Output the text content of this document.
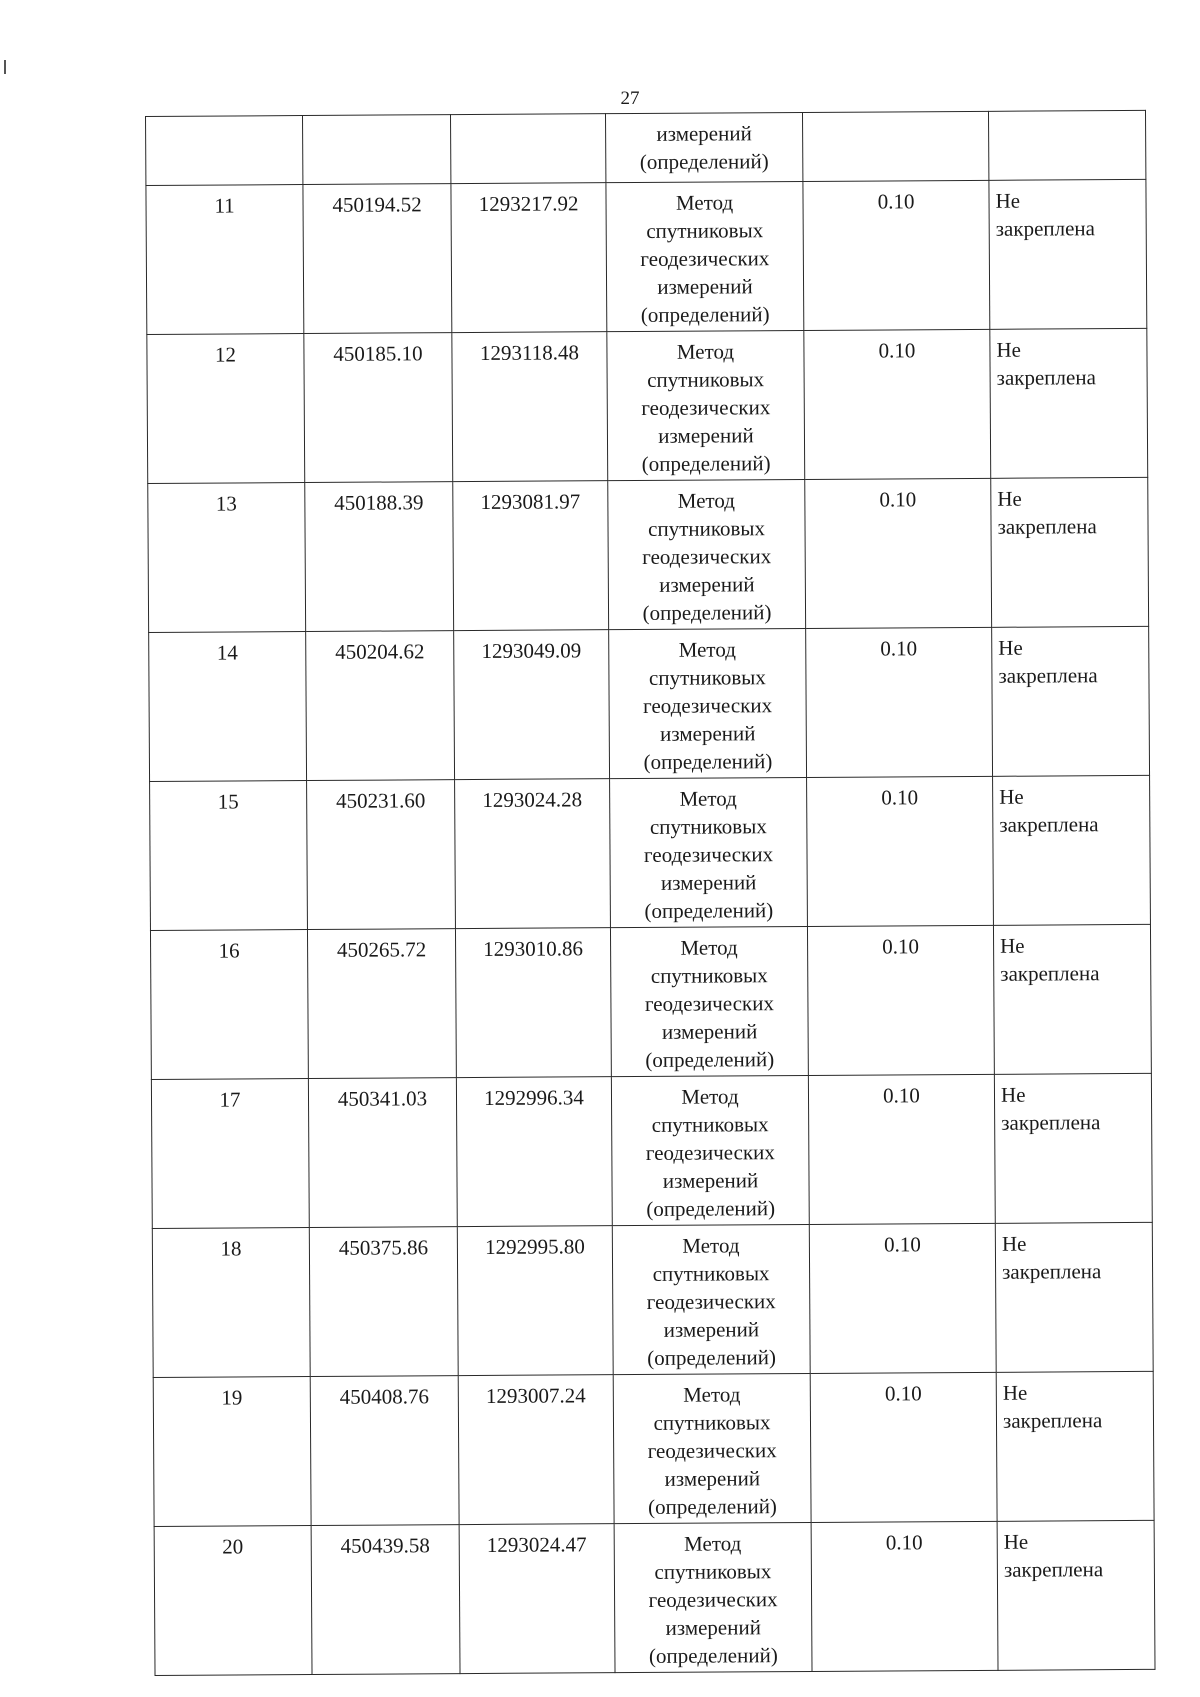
27

			измерений
(определений)		

11	450194.52	1293217.92	Метод
спутниковых
геодезических
измерений
(определений)	0.10	Не
закреплена

12	450185.10	1293118.48	Метод
спутниковых
геодезических
измерений
(определений)	0.10	Не
закреплена

13	450188.39	1293081.97	Метод
спутниковых
геодезических
измерений
(определений)	0.10	Не
закреплена

14	450204.62	1293049.09	Метод
спутниковых
геодезических
измерений
(определений)	0.10	Не
закреплена

15	450231.60	1293024.28	Метод
спутниковых
геодезических
измерений
(определений)	0.10	Не
закреплена

16	450265.72	1293010.86	Метод
спутниковых
геодезических
измерений
(определений)	0.10	Не
закреплена

17	450341.03	1292996.34	Метод
спутниковых
геодезических
измерений
(определений)	0.10	Не
закреплена

18	450375.86	1292995.80	Метод
спутниковых
геодезических
измерений
(определений)	0.10	Не
закреплена

19	450408.76	1293007.24	Метод
спутниковых
геодезических
измерений
(определений)	0.10	Не
закреплена

20	450439.58	1293024.47	Метод
спутниковых
геодезических
измерений
(определений)	0.10	Не
закреплена
